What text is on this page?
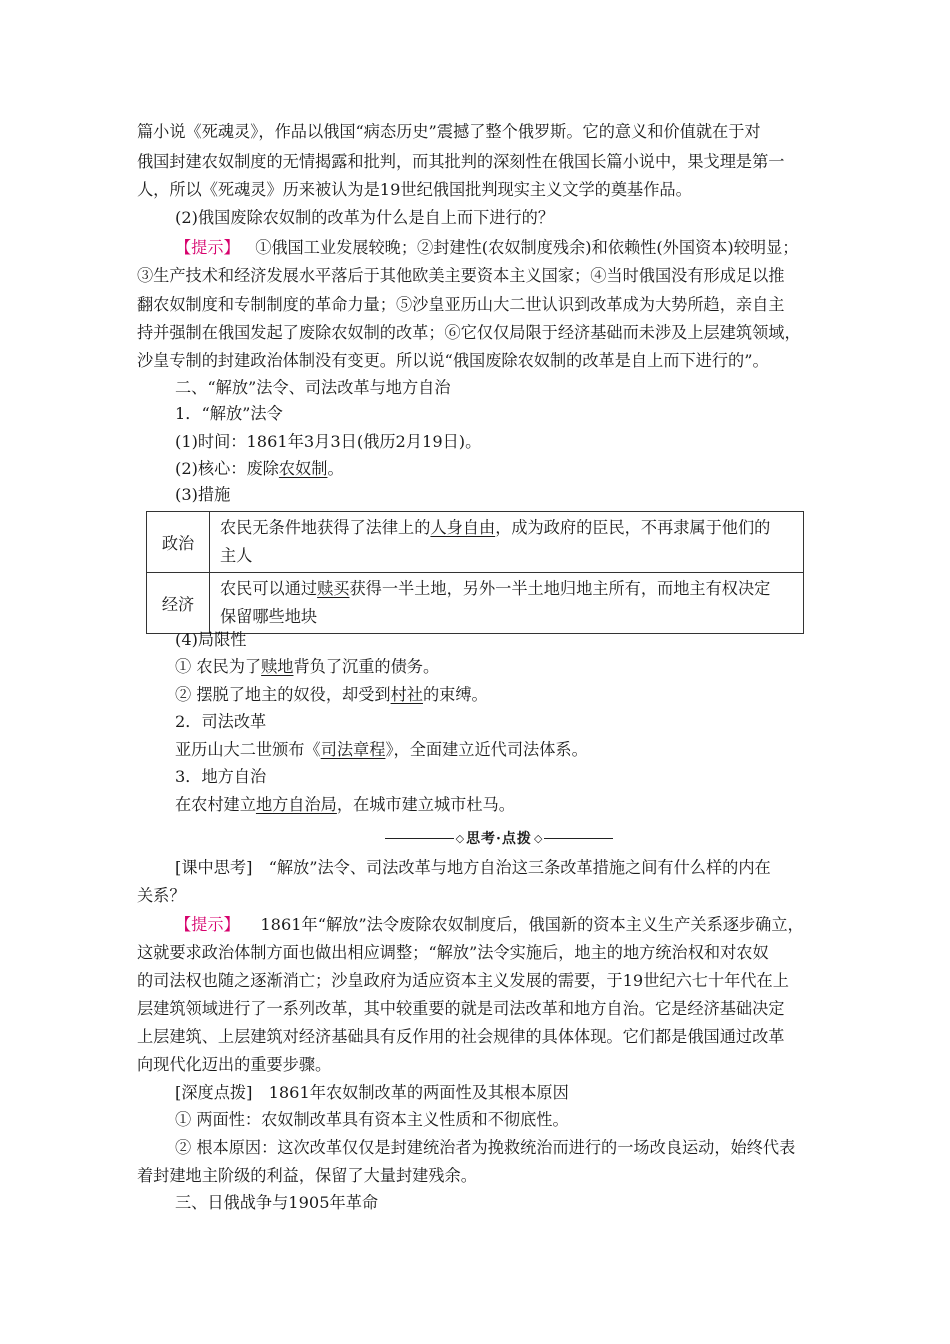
篇小说《死魂灵》，作品以俄国“病态历史”震撼了整个俄罗斯。它的意义和价值就在于对
俄国封建农奴制度的无情揭露和批判，而其批判的深刻性在俄国长篇小说中，果戈理是第一
人，所以《死魂灵》历来被认为是19世纪俄国批判现实主义文学的奠基作品。
(2)俄国废除农奴制的改革为什么是自上而下进行的？
【提示】 ①俄国工业发展较晚；②封建性(农奴制度残余)和依赖性(外国资本)较明显；
③生产技术和经济发展水平落后于其他欧美主要资本主义国家；④当时俄国没有形成足以推
翻农奴制度和专制制度的革命力量；⑤沙皇亚历山大二世认识到改革成为大势所趋，亲自主
持并强制在俄国发起了废除农奴制的改革；⑥它仅仅局限于经济基础而未涉及上层建筑领域，
沙皇专制的封建政治体制没有变更。所以说“俄国废除农奴制的改革是自上而下进行的”。
二、“解放”法令、司法改革与地方自治
1．“解放”法令
(1)时间：1861年3月3日(俄历2月19日)。
(2)核心：废除农奴制。
(3)措施
政治	农民无条件地获得了法律上的人身自由，成为政府的臣民，不再隶属于他们的
主人
经济	农民可以通过赎买获得一半土地，另外一半土地归地主所有，而地主有权决定
保留哪些地块
(4)局限性
① 农民为了赎地背负了沉重的债务。
② 摆脱了地主的奴役，却受到村社的束缚。
2．司法改革
亚历山大二世颁布《司法章程》，全面建立近代司法体系。
3．地方自治
在农村建立地方自治局，在城市建立城市杜马。
◇ 思考·点拨 ◇
[课中思考]　“解放”法令、司法改革与地方自治这三条改革措施之间有什么样的内在
关系？
【提示】 1861年“解放”法令废除农奴制度后，俄国新的资本主义生产关系逐步确立，
这就要求政治体制方面也做出相应调整；“解放”法令实施后，地主的地方统治权和对农奴
的司法权也随之逐渐消亡；沙皇政府为适应资本主义发展的需要，于19世纪六七十年代在上
层建筑领域进行了一系列改革，其中较重要的就是司法改革和地方自治。它是经济基础决定
上层建筑、上层建筑对经济基础具有反作用的社会规律的具体体现。它们都是俄国通过改革
向现代化迈出的重要步骤。
[深度点拨]　1861年农奴制改革的两面性及其根本原因
① 两面性：农奴制改革具有资本主义性质和不彻底性。
② 根本原因：这次改革仅仅是封建统治者为挽救统治而进行的一场改良运动，始终代表
着封建地主阶级的利益，保留了大量封建残余。
三、日俄战争与1905年革命
